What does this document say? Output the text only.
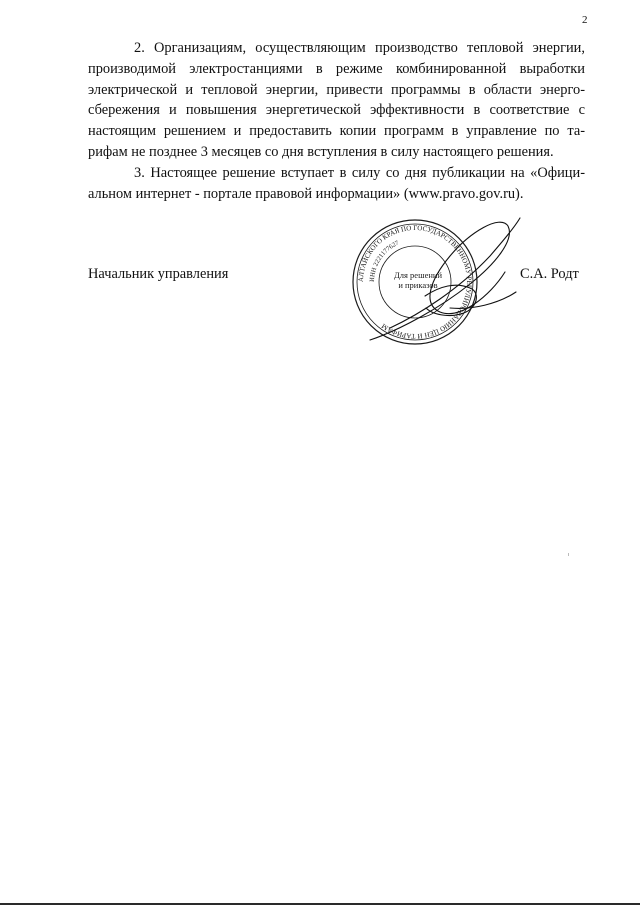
2

2. Организациям, осуществляющим производство тепловой энергии, производимой электростанциями в режиме комбинированной выработки электрической и тепловой энергии, привести программы в области энерго-сбережения и повышения энергетической эффективности в соответствие с настоящим решением и предоставить копии программ в управление по та-рифам не позднее 3 месяцев со дня вступления в силу настоящего решения.

3. Настоящее решение вступает в силу со дня публикации на «Офици-альном интернет - портале правовой информации» (www.pravo.gov.ru).

Начальник управления	С.А. Родт
АЛТАЙСКОГО КРАЯ ПО ГОСУДАРСТВЕННОМУ РЕГУЛИРОВАНИЮ ЦЕН И ТАРИФАМ
ИНН 2221177627
Для решений
и приказов
